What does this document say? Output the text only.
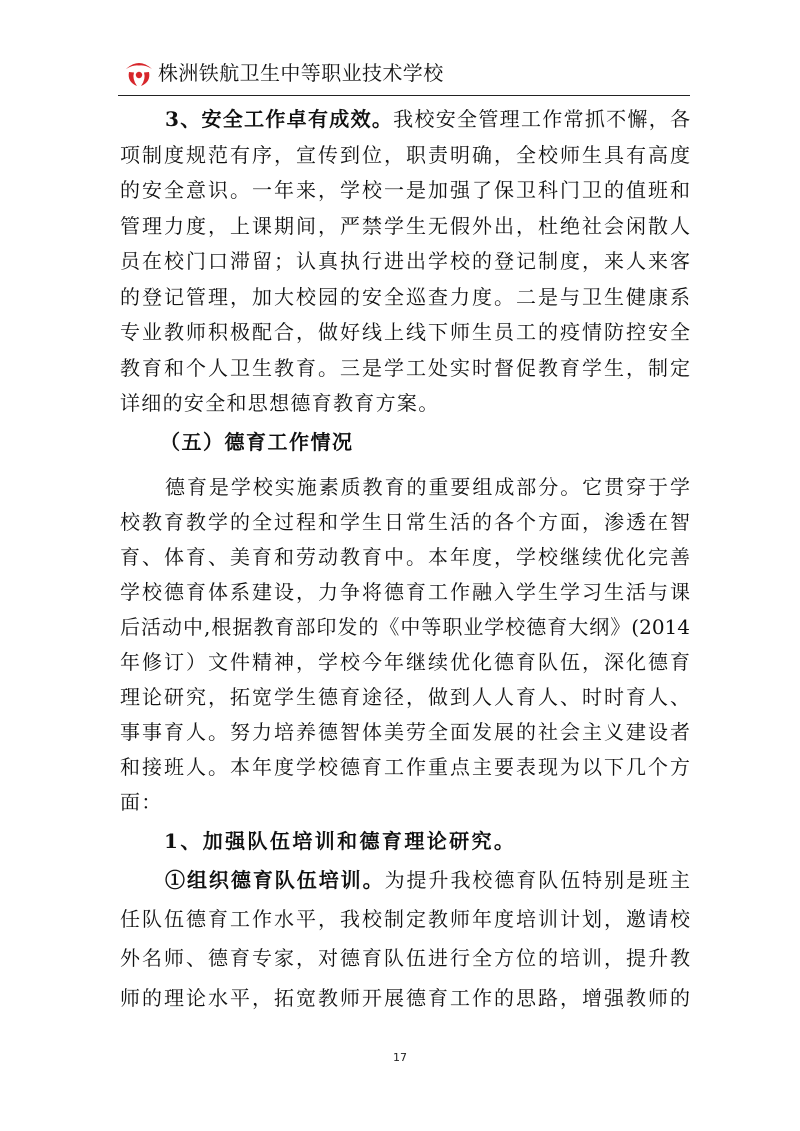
株洲铁航卫生中等职业技术学校
3、安全工作卓有成效。我校安全管理工作常抓不懈，各
项制度规范有序，宣传到位，职责明确，全校师生具有高度
的安全意识。一年来，学校一是加强了保卫科门卫的值班和
管理力度，上课期间，严禁学生无假外出，杜绝社会闲散人
员在校门口滞留；认真执行进出学校的登记制度，来人来客
的登记管理，加大校园的安全巡查力度。二是与卫生健康系
专业教师积极配合，做好线上线下师生员工的疫情防控安全
教育和个人卫生教育。三是学工处实时督促教育学生，制定
详细的安全和思想德育教育方案。
（五）德育工作情况
德育是学校实施素质教育的重要组成部分。它贯穿于学
校教育教学的全过程和学生日常生活的各个方面，渗透在智
育、体育、美育和劳动教育中。本年度，学校继续优化完善
学校德育体系建设，力争将德育工作融入学生学习生活与课
后活动中,根据教育部印发的《中等职业学校德育大纲》(2014
年修订）文件精神，学校今年继续优化德育队伍，深化德育
理论研究，拓宽学生德育途径，做到人人育人、时时育人、
事事育人。努力培养德智体美劳全面发展的社会主义建设者
和接班人。本年度学校德育工作重点主要表现为以下几个方
面：
1、加强队伍培训和德育理论研究。
①组织德育队伍培训。为提升我校德育队伍特别是班主
任队伍德育工作水平，我校制定教师年度培训计划，邀请校
外名师、德育专家，对德育队伍进行全方位的培训，提升教
师的理论水平，拓宽教师开展德育工作的思路，增强教师的
17
